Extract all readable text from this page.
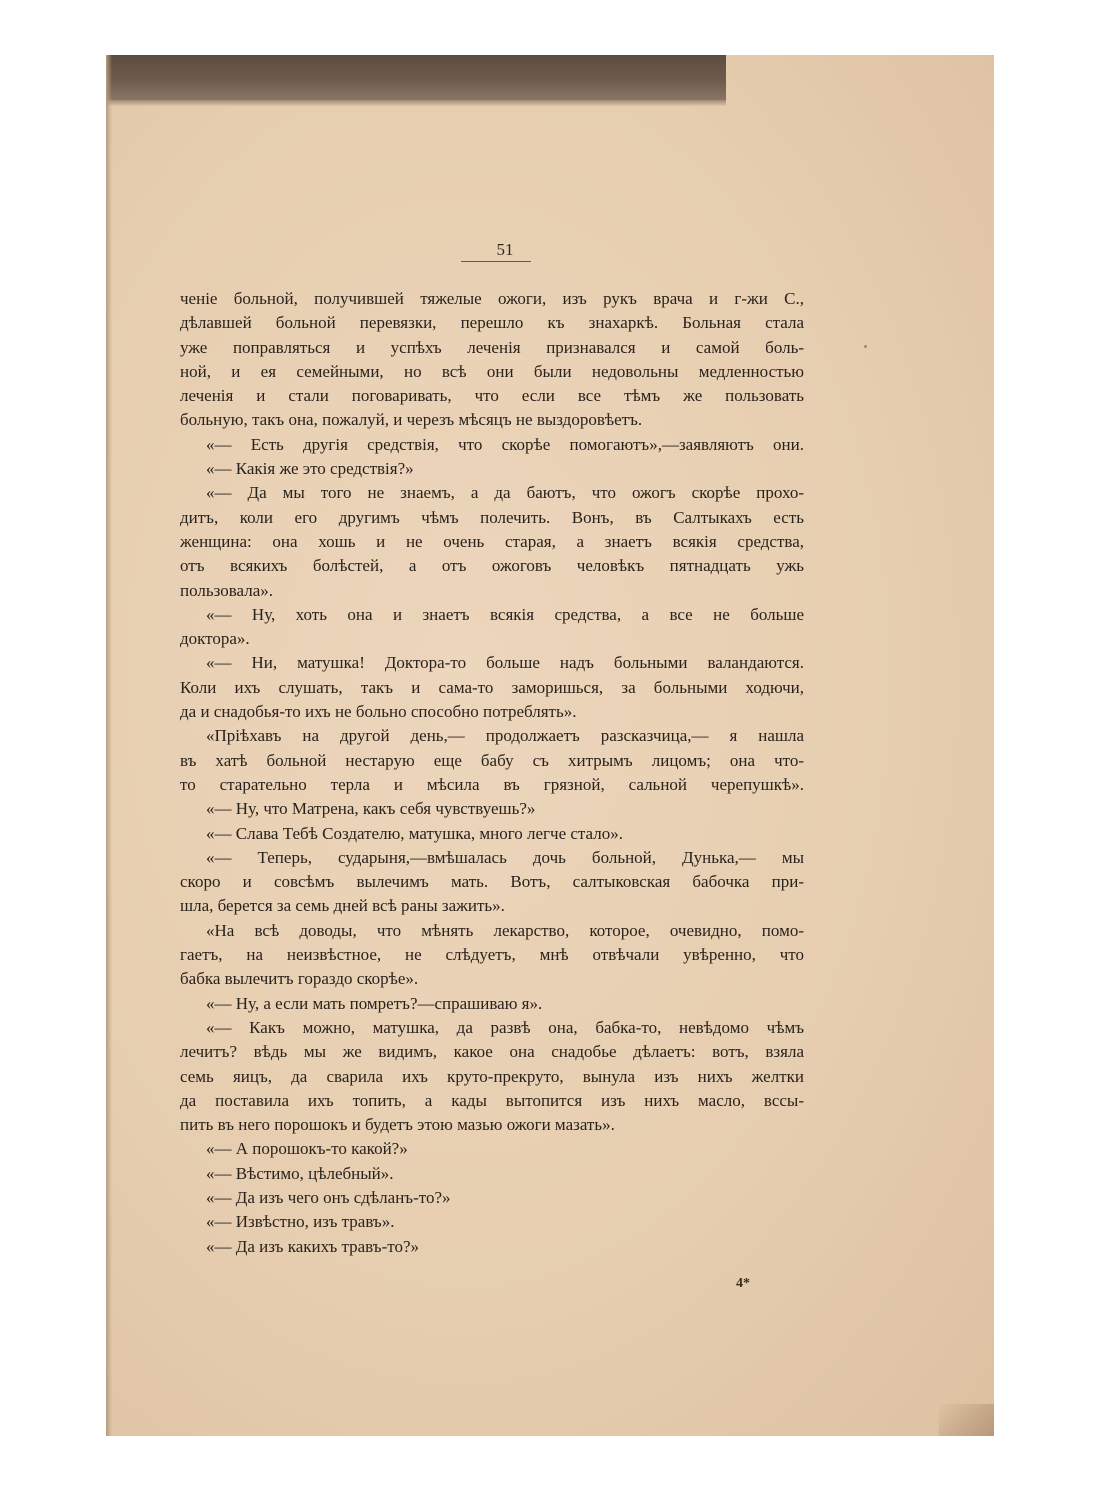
51
ченіе больной, получившей тяжелые ожоги, изъ рукъ врача и г-жи С.,
дѣлавшей больной перевязки, перешло къ знахаркѣ. Больная стала
уже поправляться и успѣхъ леченія признавался и самой боль-
ной, и ея семейными, но всѣ они были недовольны медленностью
леченія и стали поговаривать, что если все тѣмъ же пользовать
больную, такъ она, пожалуй, и черезъ мѣсяцъ не выздоровѣетъ.
«— Есть другія средствія, что скорѣе помогаютъ»,—заявляютъ они.
«— Какія же это средствія?»
«— Да мы того не знаемъ, а да баютъ, что ожогъ скорѣе прохо-
дитъ, коли его другимъ чѣмъ полечить. Вонъ, въ Салтыкахъ есть
женщина: она хошь и не очень старая, а знаетъ всякія средства,
отъ всякихъ болѣстей, а отъ ожоговъ человѣкъ пятнадцать ужь
пользовала».
«— Ну, хоть она и знаетъ всякія средства, а все не больше
доктора».
«— Ни, матушка! Доктора-то больше надъ больными валандаются.
Коли ихъ слушать, такъ и сама-то заморишься, за больными ходючи,
да и снадобья-то ихъ не больно способно потреблять».
«Пріѣхавъ на другой день,— продолжаетъ разсказчица,— я нашла
въ хатѣ больной нестарую еще бабу съ хитрымъ лицомъ; она что-
то старательно терла и мѣсила въ грязной, сальной черепушкѣ».
«— Ну, что Матрена, какъ себя чувствуешь?»
«— Слава Тебѣ Создателю, матушка, много легче стало».
«— Теперь, сударыня,—вмѣшалась дочь больной, Дунька,— мы
скоро и совсѣмъ вылечимъ мать. Вотъ, салтыковская бабочка при-
шла, берется за семь дней всѣ раны зажить».
«На всѣ доводы, что мѣнять лекарство, которое, очевидно, помо-
гаетъ, на неизвѣстное, не слѣдуетъ, мнѣ отвѣчали увѣренно, что
бабка вылечитъ гораздо скорѣе».
«— Ну, а если мать помретъ?—спрашиваю я».
«— Какъ можно, матушка, да развѣ она, бабка-то, невѣдомо чѣмъ
лечитъ? вѣдь мы же видимъ, какое она снадобье дѣлаетъ: вотъ, взяла
семь яицъ, да сварила ихъ круто-прекруто, вынула изъ нихъ желтки
да поставила ихъ топить, а кады вытопится изъ нихъ масло, вссы-
пить въ него порошокъ и будетъ этою мазью ожоги мазать».
«— А порошокъ-то какой?»
«— Вѣстимо, цѣлебный».
«— Да изъ чего онъ сдѣланъ-то?»
«— Извѣстно, изъ травъ».
«— Да изъ какихъ травъ-то?»
4*
